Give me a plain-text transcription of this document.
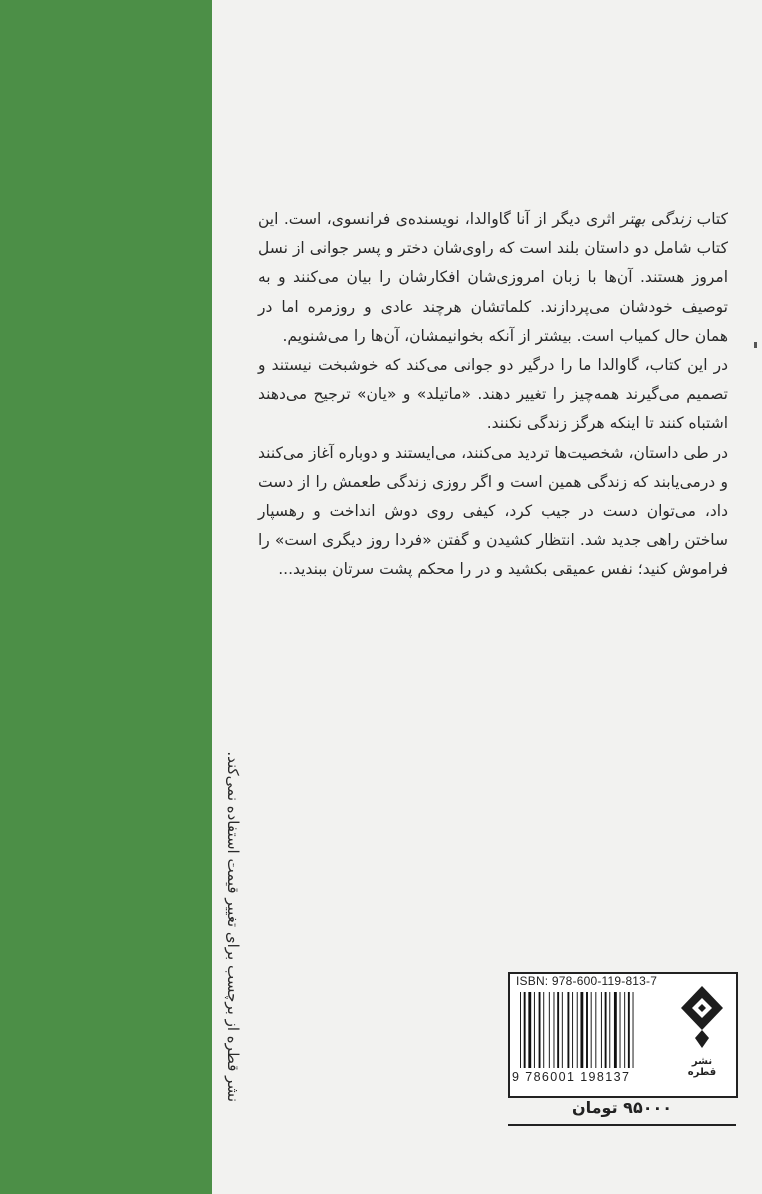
کتاب زندگی بهتر اثری دیگر از آنا گاوالدا، نویسنده‌ی فرانسوی، است. این کتاب شامل دو داستان بلند است که راوی‌شان دختر و پسر جوانی از نسل امروز هستند. آن‌ها با زبان امروزی‌شان افکارشان را بیان می‌کنند و به توصیف خودشان می‌پردازند. کلماتشان هرچند عادی و روزمره اما در همان حال کمیاب است. بیشتر از آنکه بخوانیمشان، آن‌ها را می‌شنویم.

در این کتاب، گاوالدا ما را درگیر دو جوانی می‌کند که خوشبخت نیستند و تصمیم می‌گیرند همه‌چیز را تغییر دهند. «ماتیلد» و «یان» ترجیح می‌دهند اشتباه کنند تا اینکه هرگز زندگی نکنند.

در طی داستان، شخصیت‌ها تردید می‌کنند، می‌ایستند و دوباره آغاز می‌کنند و درمی‌یابند که زندگی همین است و اگر روزی زندگی طعمش را از دست داد، می‌توان دست در جیب کرد، کیفی روی دوش انداخت و رهسپار ساختن راهی جدید شد. انتظار کشیدن و گفتن «فردا روز دیگری است» را فراموش کنید؛ نفس عمیقی بکشید و در را محکم پشت سرتان ببندید...

نشر قطره از برچسب برای تغییر قیمت استفاده نمی‌کند.	ISBN: 978-600-119-813-7
9 786001 198137
نشر قطره
۹۵۰۰۰ تومان
